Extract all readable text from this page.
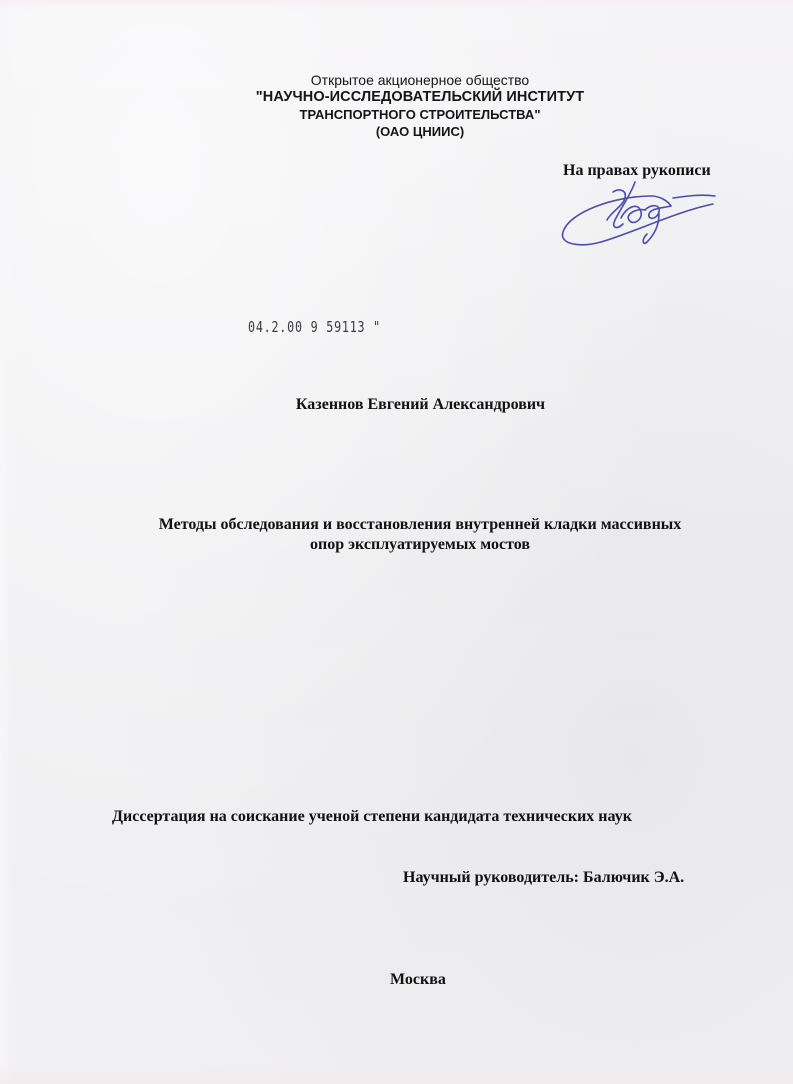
Открытое акционерное общество
"НАУЧНО-ИССЛЕДОВАТЕЛЬСКИЙ ИНСТИТУТ
ТРАНСПОРТНОГО СТРОИТЕЛЬСТВА"
(ОАО ЦНИИС)
На правах рукописи
04.2.00 9 59113 "
Казеннов Евгений Александрович
Методы обследования и восстановления внутренней кладки массивных
опор эксплуатируемых мостов
Диссертация на соискание ученой степени кандидата технических наук
Научный руководитель: Балючик Э.А.
Москва
